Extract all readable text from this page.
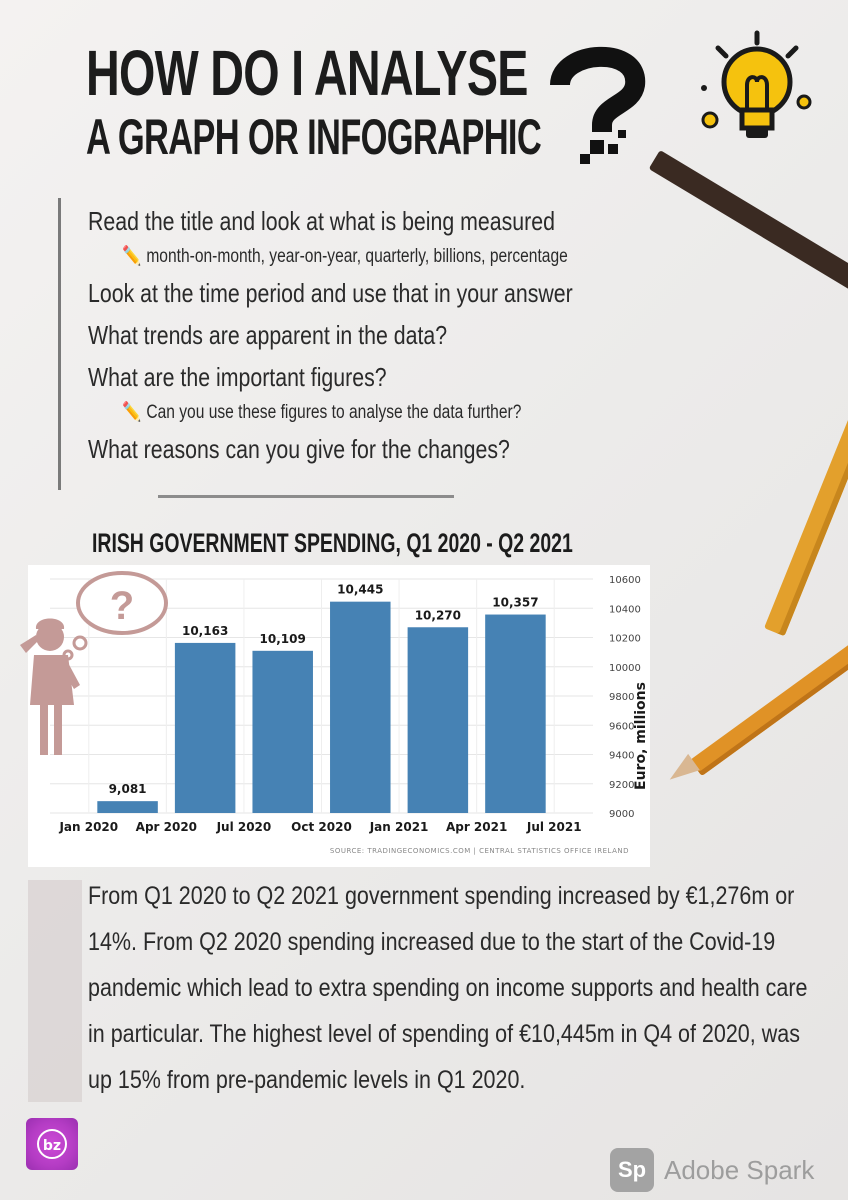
HOW DO I ANALYSE
A GRAPH OR INFOGRAPHIC
Read the title and look at what is being measured
✏️ month-on-month, year-on-year, quarterly, billions, percentage
Look at the time period and use that in your answer
What trends are apparent in the data?
What are the important figures?
✏️ Can you use these figures to analyse the data further?
What reasons can you give for the changes?
IRISH GOVERNMENT SPENDING, Q1 2020 - Q2 2021
9000
9200
9400
9600
9800
10000
10200
10400
10600
9,081
10,163
10,109
10,445
10,270
10,357
Jan 2020 Apr 2020 Jul 2020 Oct 2020 Jan 2021 Apr 2021 Jul 2021
Euro, millions
SOURCE: TRADINGECONOMICS.COM | CENTRAL STATISTICS OFFICE IRELAND
?

From Q1 2020 to Q2 2021 government spending increased by €1,276m or 14%. From Q2 2020 spending increased due to the start of the Covid-19 pandemic which lead to extra spending on income supports and health care in particular. The highest level of spending of €10,445m in Q4 of 2020, was up 15% from pre-pandemic levels in Q1 2020.

bz
Sp Adobe Spark
